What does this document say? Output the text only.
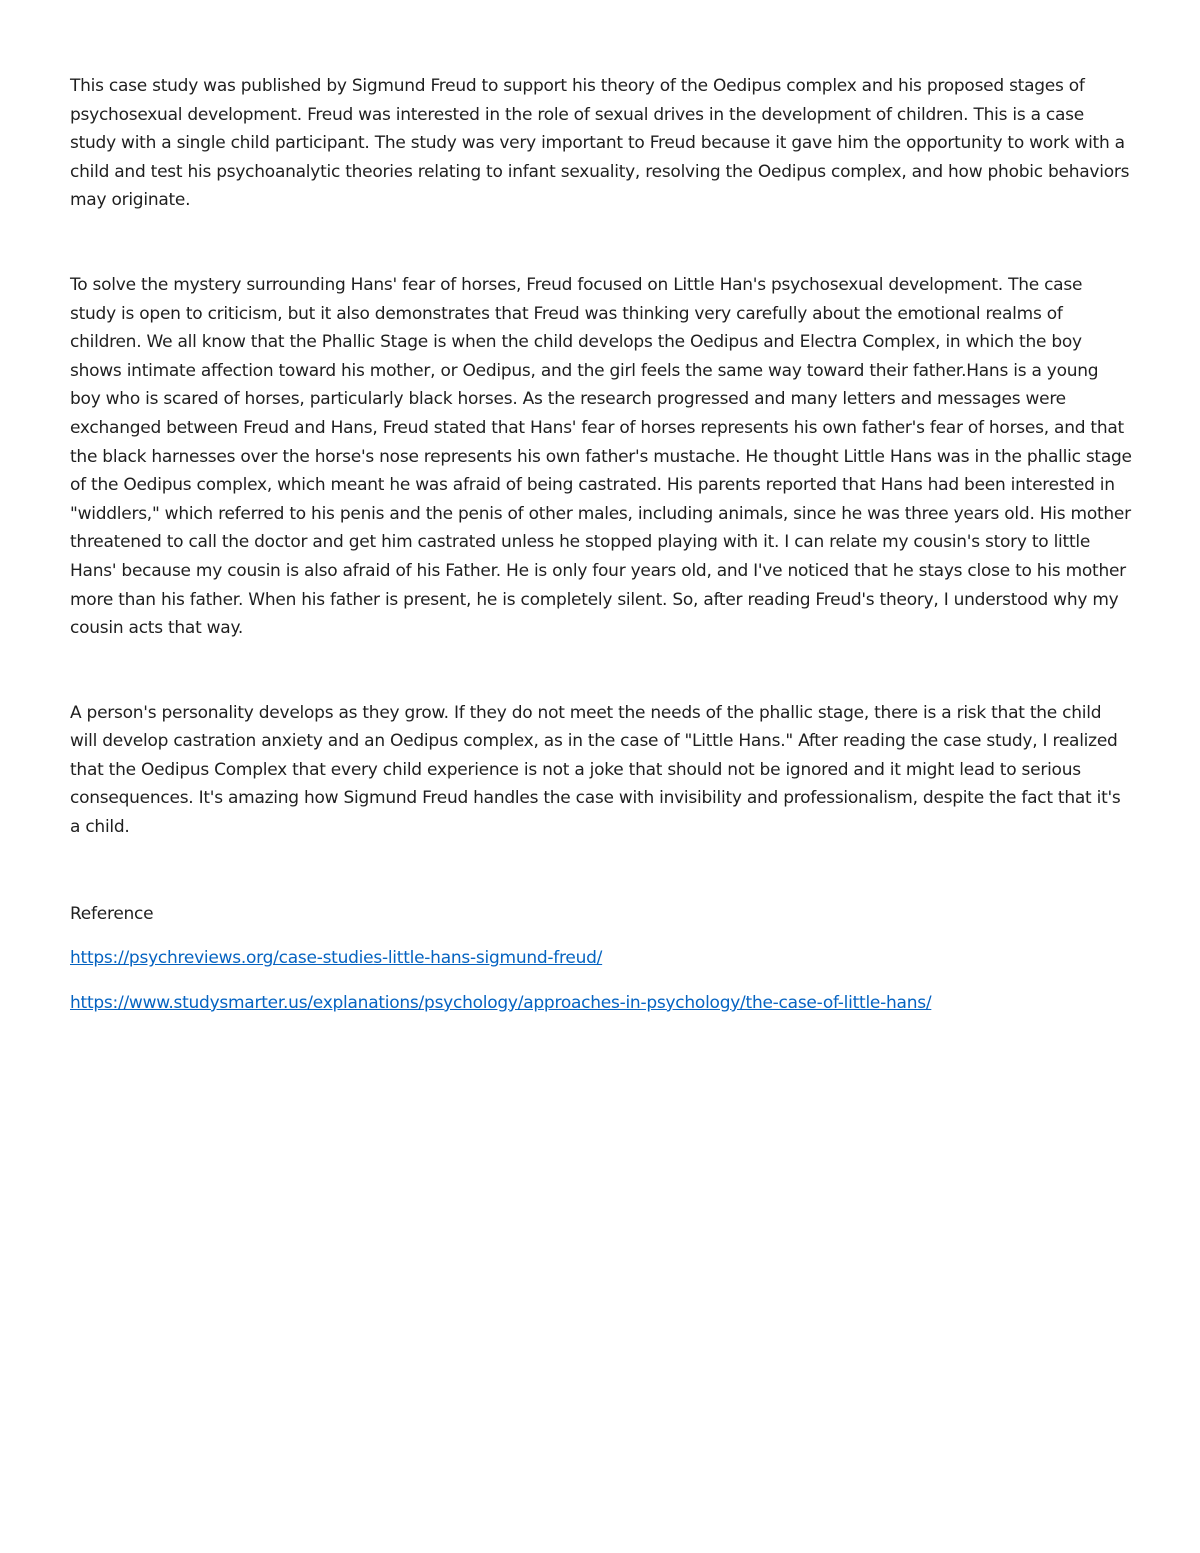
This case study was published by Sigmund Freud to support his theory of the Oedipus complex and his proposed stages of psychosexual development. Freud was interested in the role of sexual drives in the development of children. This is a case study with a single child participant. The study was very important to Freud because it gave him the opportunity to work with a child and test his psychoanalytic theories relating to infant sexuality, resolving the Oedipus complex, and how phobic behaviors may originate.

To solve the mystery surrounding Hans' fear of horses, Freud focused on Little Han's psychosexual development. The case study is open to criticism, but it also demonstrates that Freud was thinking very carefully about the emotional realms of children. We all know that the Phallic Stage is when the child develops the Oedipus and Electra Complex, in which the boy shows intimate affection toward his mother, or Oedipus, and the girl feels the same way toward their father.Hans is a young boy who is scared of horses, particularly black horses. As the research progressed and many letters and messages were exchanged between Freud and Hans, Freud stated that Hans' fear of horses represents his own father's fear of horses, and that the black harnesses over the horse's nose represents his own father's mustache. He thought Little Hans was in the phallic stage of the Oedipus complex, which meant he was afraid of being castrated. His parents reported that Hans had been interested in "widdlers," which referred to his penis and the penis of other males, including animals, since he was three years old. His mother threatened to call the doctor and get him castrated unless he stopped playing with it. I can relate my cousin's story to little Hans' because my cousin is also afraid of his Father. He is only four years old, and I've noticed that he stays close to his mother more than his father. When his father is present, he is completely silent. So, after reading Freud's theory, I understood why my cousin acts that way.

A person's personality develops as they grow. If they do not meet the needs of the phallic stage, there is a risk that the child will develop castration anxiety and an Oedipus complex, as in the case of "Little Hans." After reading the case study, I realized that the Oedipus Complex that every child experience is not a joke that should not be ignored and it might lead to serious consequences. It's amazing how Sigmund Freud handles the case with invisibility and professionalism, despite the fact that it's a child.

Reference

https://psychreviews.org/case-studies-little-hans-sigmund-freud/
https://www.studysmarter.us/explanations/psychology/approaches-in-psychology/the-case-of-little-hans/
